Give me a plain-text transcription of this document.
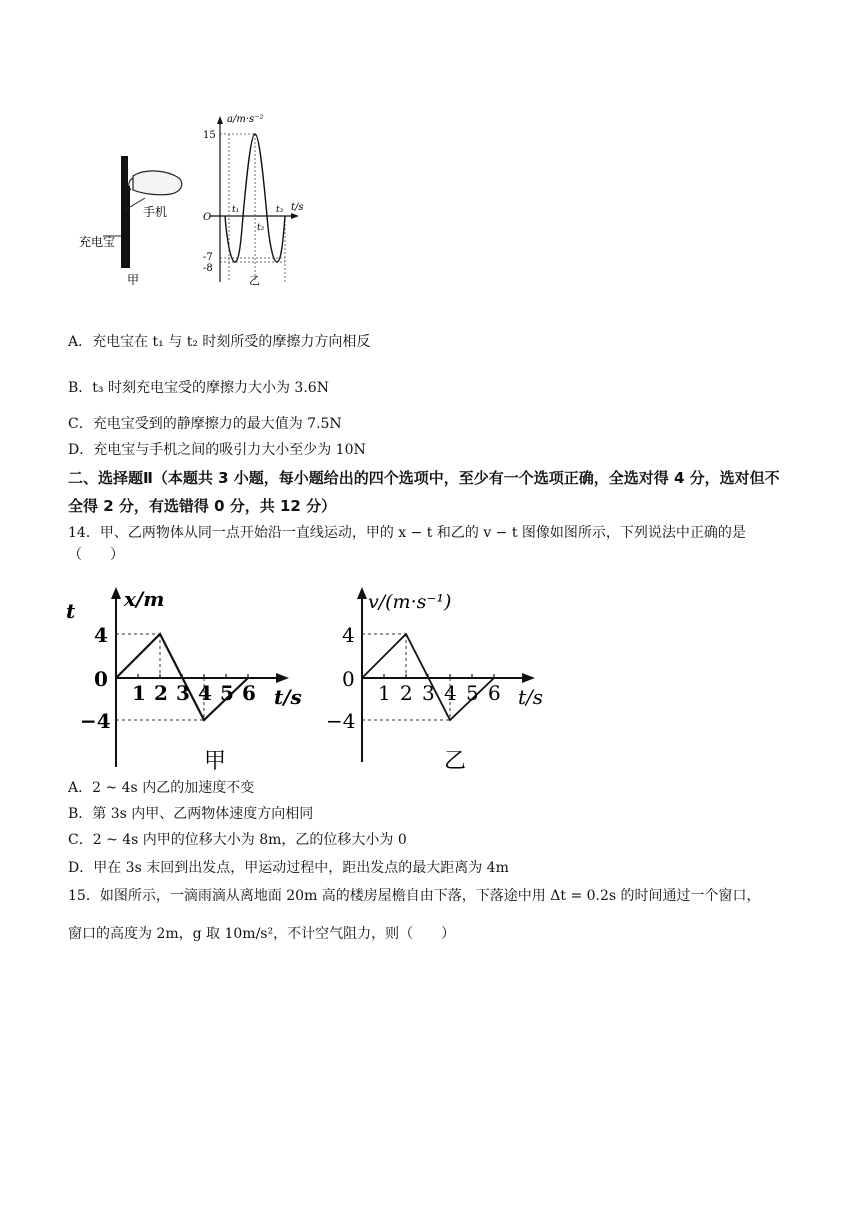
手机
充电宝
甲
a/m·s⁻²
t/s
15
O
-7
-8
t₁
t₂
t₃
乙
A．充电宝在 t₁ 与 t₂ 时刻所受的摩擦力方向相反
B．t₃ 时刻充电宝受的摩擦力大小为 3.6N
C．充电宝受到的静摩擦力的最大值为 7.5N
D．充电宝与手机之间的吸引力大小至少为 10N
二、选择题Ⅱ（本题共 3 小题，每小题给出的四个选项中，至少有一个选项正确，全选对得 4 分，选对但不全得 2 分，有选错得 0 分，共 12 分）
14．甲、乙两物体从同一点开始沿一直线运动，甲的 x − t 和乙的 v − t 图像如图所示，下列说法中正确的是（　　）
t x/m
t/s
4
0
−4
1 2 3 4 5 6
甲
v/(m·s⁻¹)
t/s
4
0
−4
1 2 3 4 5 6
乙
A．2 ~ 4s 内乙的加速度不变
B．第 3s 内甲、乙两物体速度方向相同
C．2 ~ 4s 内甲的位移大小为 8m，乙的位移大小为 0
D．甲在 3s 末回到出发点，甲运动过程中，距出发点的最大距离为 4m
15．如图所示，一滴雨滴从离地面 20m 高的楼房屋檐自由下落，下落途中用 Δt = 0.2s 的时间通过一个窗口，
窗口的高度为 2m，g 取 10m/s²，不计空气阻力，则（　　）
